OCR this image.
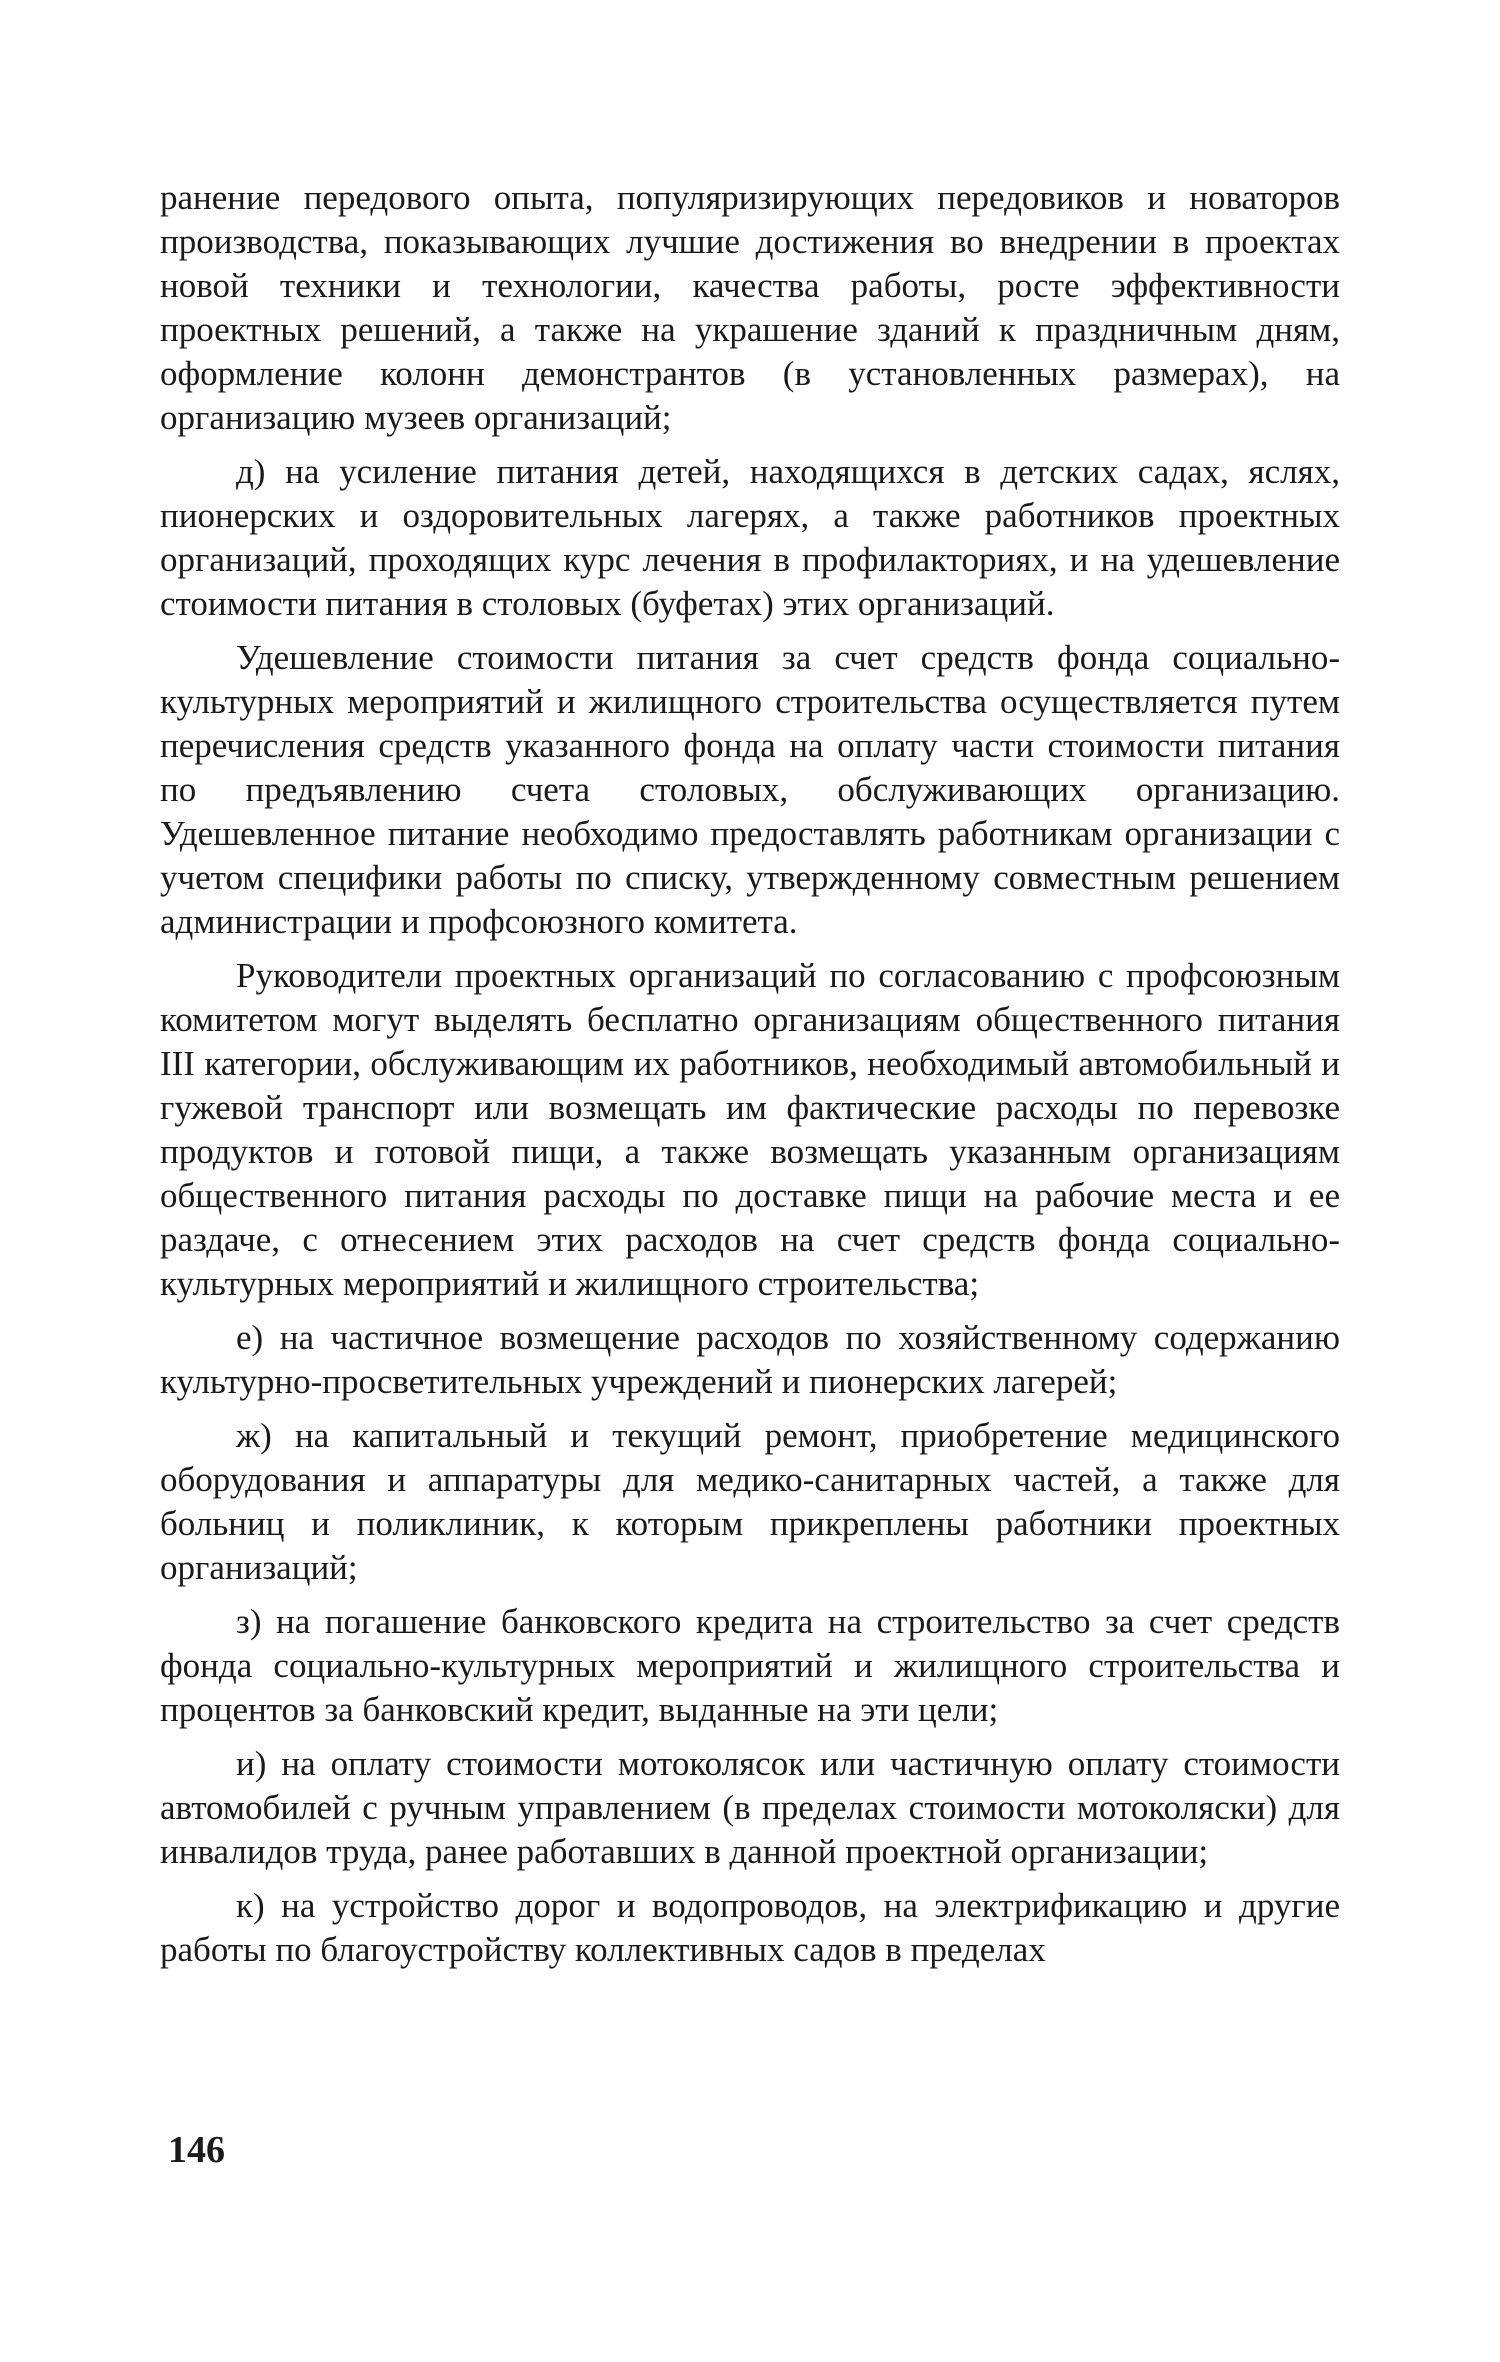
ранение передового опыта, популяризирующих передовиков и новаторов производства, показывающих лучшие достижения во внедрении в проектах новой техники и технологии, качества работы, росте эффективности проектных решений, а также на украшение зданий к праздничным дням, оформление колонн демонстрантов (в установленных размерах), на организацию музеев организаций;

д) на усиление питания детей, находящихся в детских садах, яслях, пионерских и оздоровительных лагерях, а также работников проектных организаций, проходящих курс лечения в профилакториях, и на удешевление стоимости питания в столовых (буфетах) этих организаций.

Удешевление стоимости питания за счет средств фонда социально-культурных мероприятий и жилищного строительства осуществляется путем перечисления средств указанного фонда на оплату части стоимости питания по предъявлению счета столовых, обслуживающих организацию. Удешевленное питание необходимо предоставлять работникам организации с учетом специфики работы по списку, утвержденному совместным решением администрации и профсоюзного комитета.

Руководители проектных организаций по согласованию с профсоюзным комитетом могут выделять бесплатно организациям общественного питания III категории, обслуживающим их работников, необходимый автомобильный и гужевой транспорт или возмещать им фактические расходы по перевозке продуктов и готовой пищи, а также возмещать указанным организациям общественного питания расходы по доставке пищи на рабочие места и ее раздаче, с отнесением этих расходов на счет средств фонда социально-культурных мероприятий и жилищного строительства;

е) на частичное возмещение расходов по хозяйственному содержанию культурно-просветительных учреждений и пионерских лагерей;

ж) на капитальный и текущий ремонт, приобретение медицинского оборудования и аппаратуры для медико-санитарных частей, а также для больниц и поликлиник, к которым прикреплены работники проектных организаций;

з) на погашение банковского кредита на строительство за счет средств фонда социально-культурных мероприятий и жилищного строительства и процентов за банковский кредит, выданные на эти цели;

и) на оплату стоимости мотоколясок или частичную оплату стоимости автомобилей с ручным управлением (в пределах стоимости мотоколяски) для инвалидов труда, ранее работавших в данной проектной организации;

к) на устройство дорог и водопроводов, на электрификацию и другие работы по благоустройству коллективных садов в пределах

146
